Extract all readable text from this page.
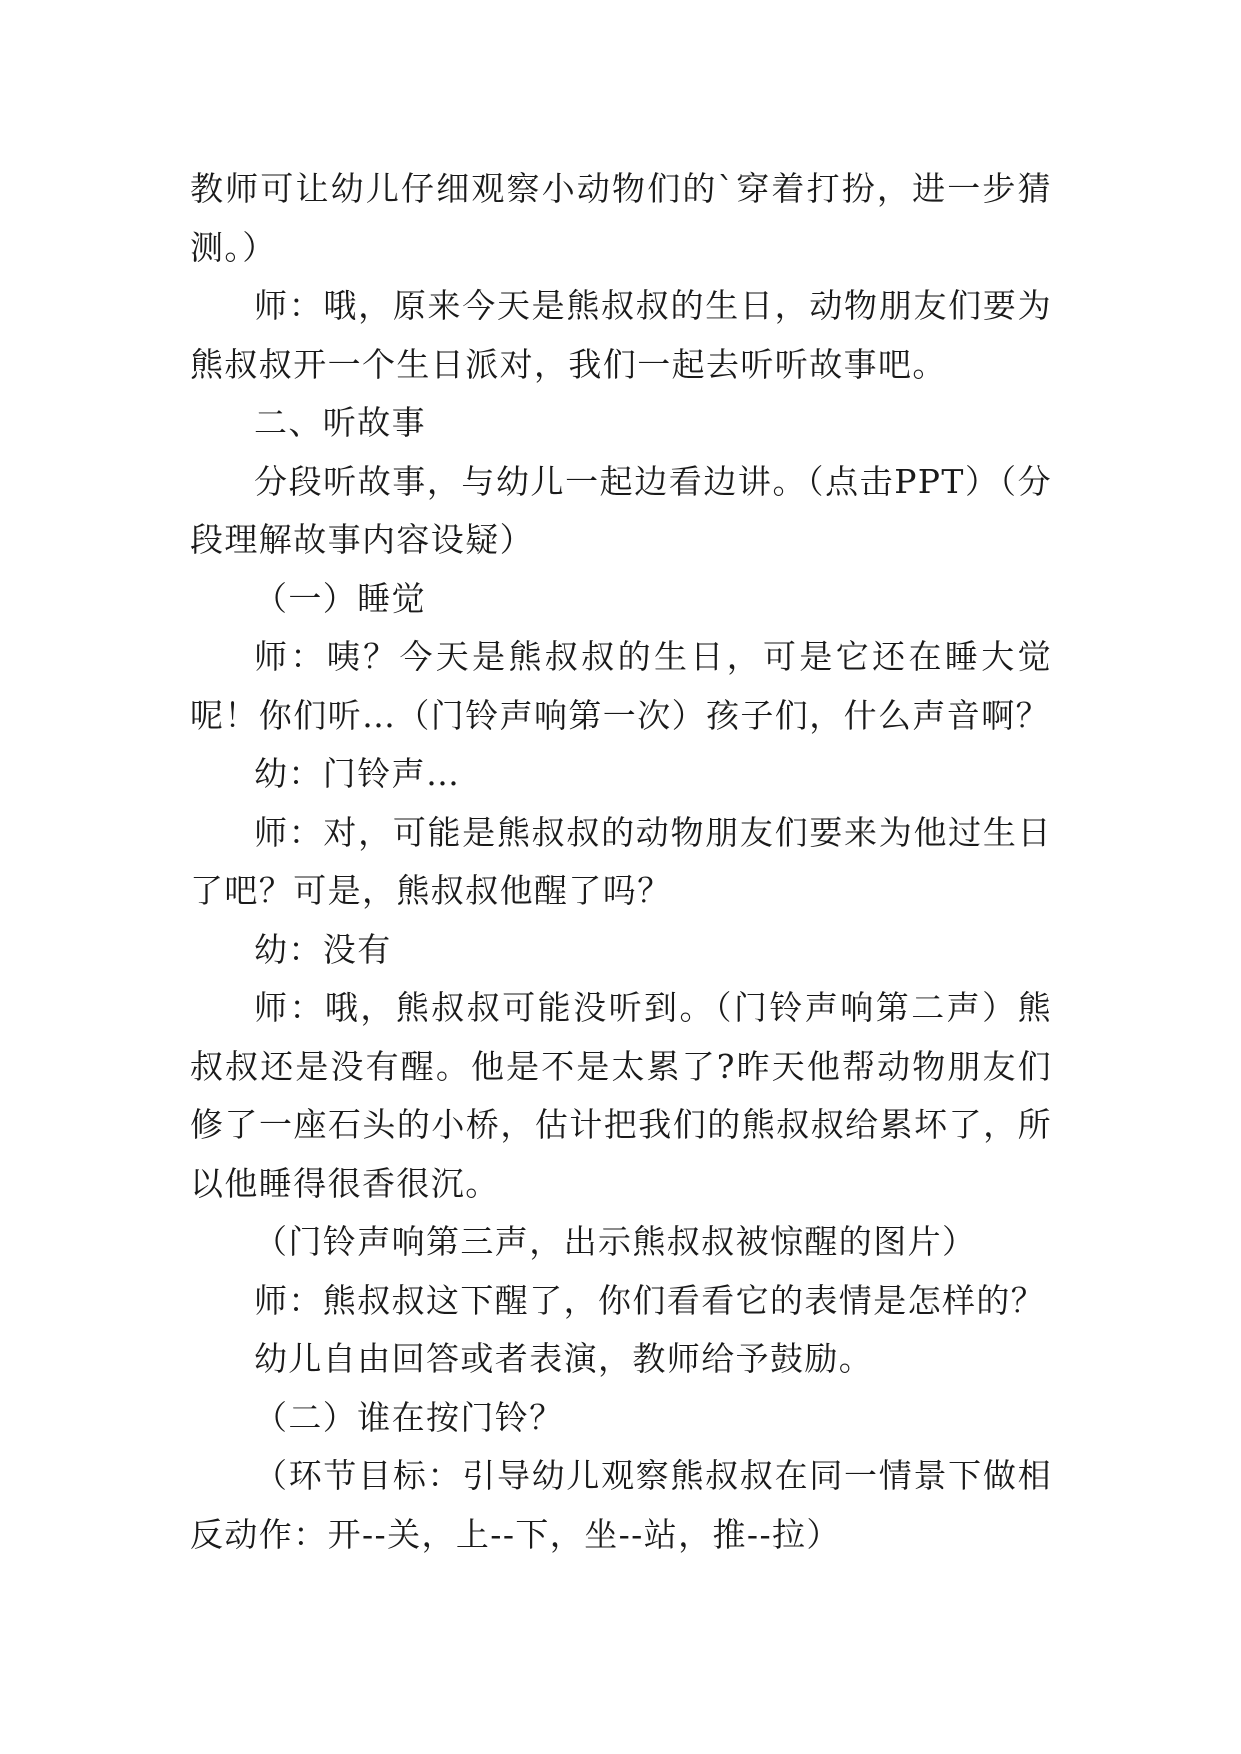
教师可让幼儿仔细观察小动物们的`穿着打扮，进一步猜测。）

师：哦，原来今天是熊叔叔的生日，动物朋友们要为熊叔叔开一个生日派对，我们一起去听听故事吧。

二、听故事

分段听故事，与幼儿一起边看边讲。（点击PPT）（分段理解故事内容设疑）

（一）睡觉

师：咦？今天是熊叔叔的生日，可是它还在睡大觉呢！你们听…（门铃声响第一次）孩子们，什么声音啊？

幼：门铃声…

师：对，可能是熊叔叔的动物朋友们要来为他过生日了吧？可是，熊叔叔他醒了吗？

幼：没有

师：哦，熊叔叔可能没听到。（门铃声响第二声）熊叔叔还是没有醒。他是不是太累了?昨天他帮动物朋友们修了一座石头的小桥，估计把我们的熊叔叔给累坏了，所以他睡得很香很沉。

（门铃声响第三声，出示熊叔叔被惊醒的图片）

师：熊叔叔这下醒了，你们看看它的表情是怎样的？

幼儿自由回答或者表演，教师给予鼓励。

（二）谁在按门铃？

（环节目标：引导幼儿观察熊叔叔在同一情景下做相反动作：开--关，上--下，坐--站，推--拉）
